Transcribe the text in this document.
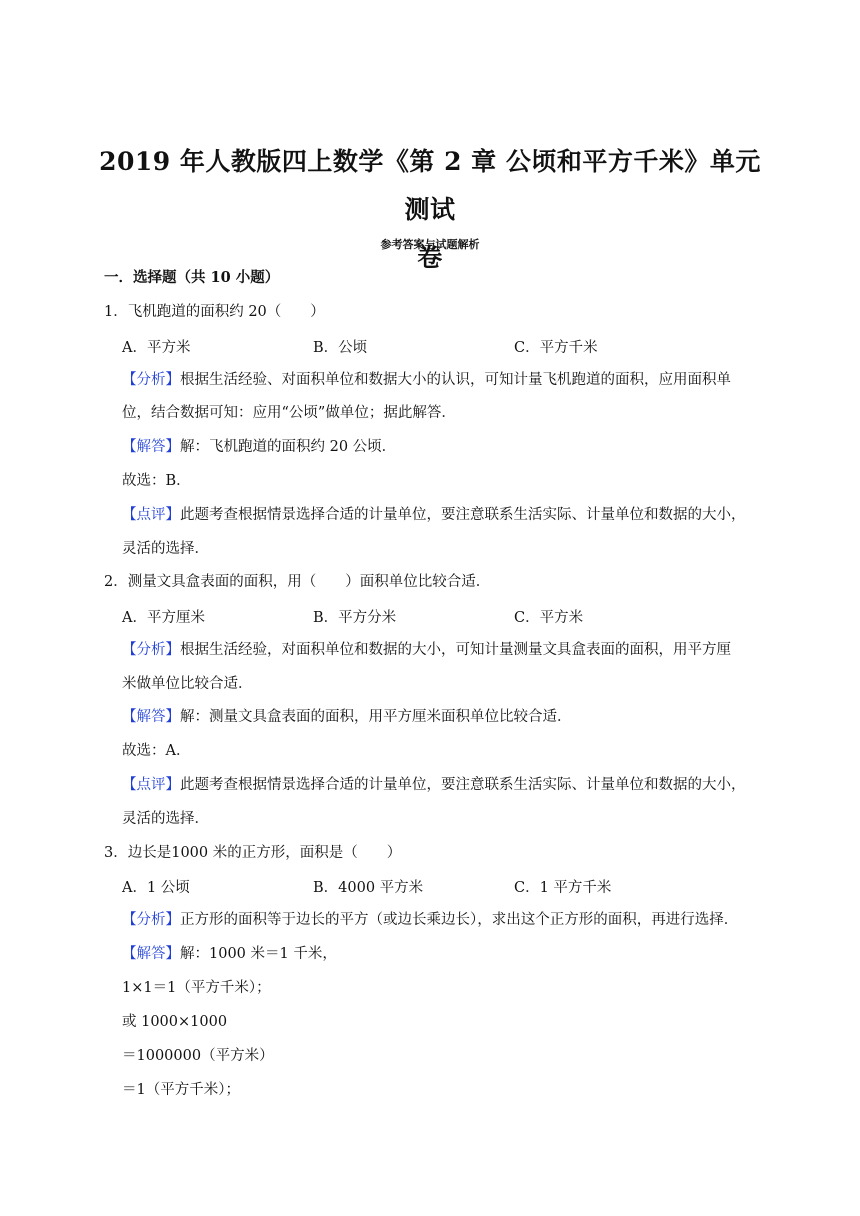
2019 年人教版四上数学《第 2 章 公顷和平方千米》单元测试
卷
参考答案与试题解析
一．选择题（共 10 小题）
1．飞机跑道的面积约 20（　　）
A．平方米	B．公顷	C．平方千米
【分析】根据生活经验、对面积单位和数据大小的认识，可知计量飞机跑道的面积，应用面积单
位，结合数据可知：应用“公顷”做单位；据此解答．
【解答】解：飞机跑道的面积约 20 公顷．
故选：B．
【点评】此题考查根据情景选择合适的计量单位，要注意联系生活实际、计量单位和数据的大小，
灵活的选择．
2．测量文具盒表面的面积，用（　　）面积单位比较合适．
A．平方厘米	B．平方分米	C．平方米
【分析】根据生活经验，对面积单位和数据的大小，可知计量测量文具盒表面的面积，用平方厘
米做单位比较合适．
【解答】解：测量文具盒表面的面积，用平方厘米面积单位比较合适．
故选：A．
【点评】此题考查根据情景选择合适的计量单位，要注意联系生活实际、计量单位和数据的大小，
灵活的选择．
3．边长是1000 米的正方形，面积是（　　）
A．1 公顷	B．4000 平方米	C．1 平方千米
【分析】正方形的面积等于边长的平方（或边长乘边长），求出这个正方形的面积，再进行选择．
【解答】解：1000 米＝1 千米，
1×1＝1（平方千米）；
或 1000×1000
＝1000000（平方米）
＝1（平方千米）；
